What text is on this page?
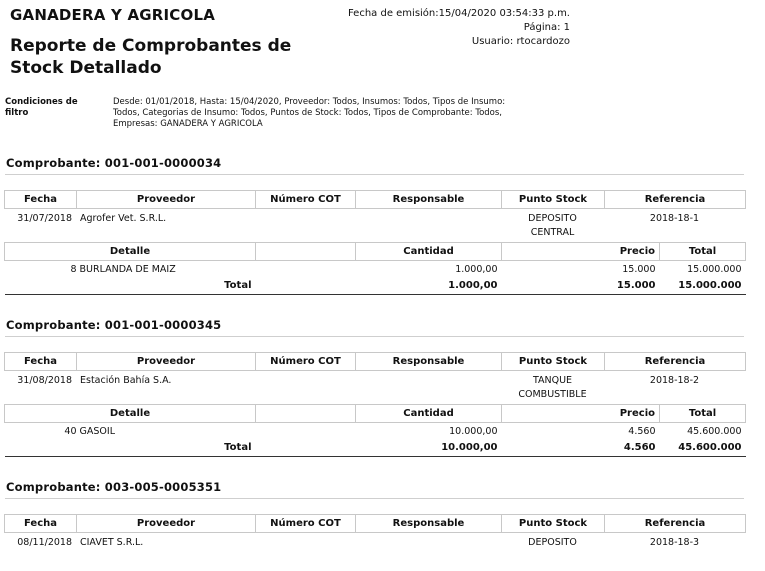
GANADERA Y AGRICOLA
Reporte de Comprobantes de Stock Detallado
Fecha de emisión:15/04/2020 03:54:33 p.m.
Página: 1
Usuario: rtocardozo
Condiciones de filtro
Desde: 01/01/2018, Hasta: 15/04/2020, Proveedor: Todos, Insumos: Todos, Tipos de Insumo: Todos, Categorias de Insumo: Todos, Puntos de Stock: Todos, Tipos de Comprobante: Todos, Empresas: GANADERA Y AGRICOLA
Comprobante: 001-001-0000034
Fecha	Proveedor	Número COT	Responsable	Punto Stock	Referencia
31/07/2018	Agrofer Vet. S.R.L.			DEPOSITO CENTRAL	2018-18-1
Detalle		Cantidad	Precio	Total
8 BURLANDA DE MAIZ		1.000,00	15.000	15.000.000
Total		1.000,00	15.000	15.000.000
Comprobante: 001-001-0000345
Fecha	Proveedor	Número COT	Responsable	Punto Stock	Referencia
31/08/2018	Estación Bahía S.A.			TANQUE COMBUSTIBLE	2018-18-2
Detalle		Cantidad	Precio	Total
40 GASOIL		10.000,00	4.560	45.600.000
Total		10.000,00	4.560	45.600.000
Comprobante: 003-005-0005351
Fecha	Proveedor	Número COT	Responsable	Punto Stock	Referencia
08/11/2018	CIAVET S.R.L.			DEPOSITO	2018-18-3
